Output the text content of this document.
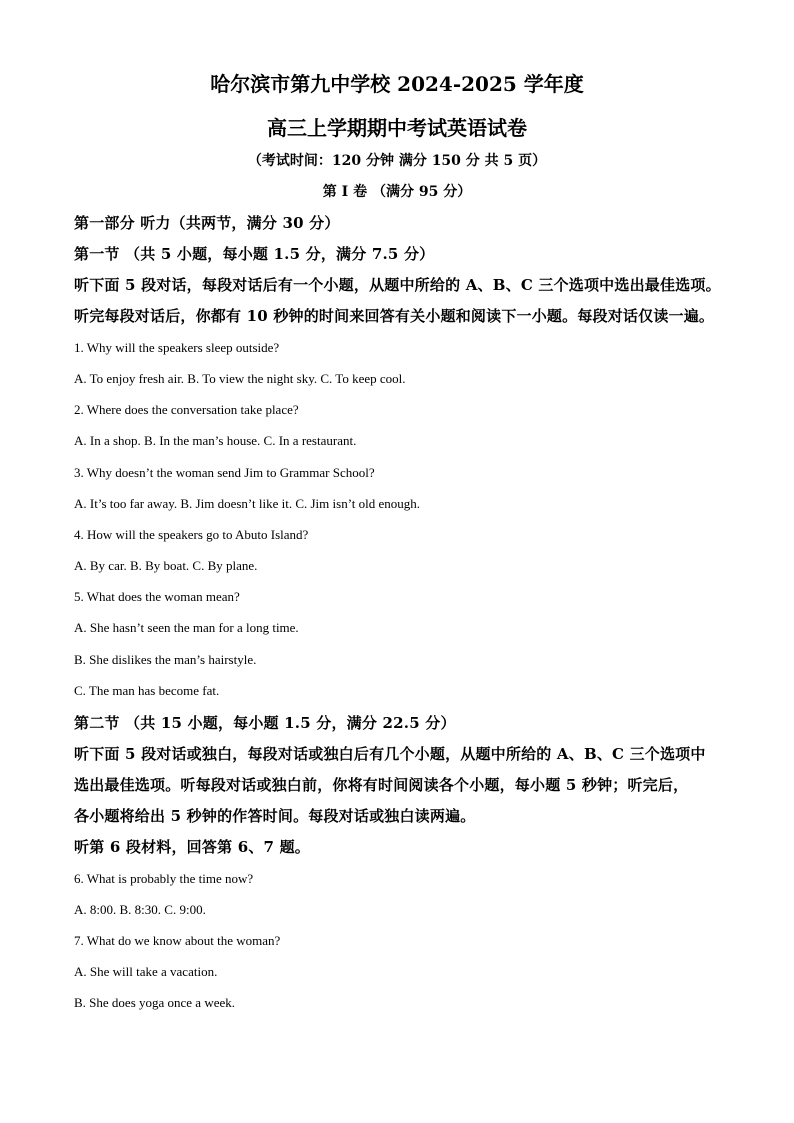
哈尔滨市第九中学校 2024-2025 学年度
高三上学期期中考试英语试卷
（考试时间：120 分钟 满分 150 分 共 5 页）
第 I 卷 （满分 95 分）
第一部分 听力（共两节，满分 30 分）
第一节 （共 5 小题，每小题 1.5 分，满分 7.5 分）
听下面 5 段对话，每段对话后有一个小题，从题中所给的 A、B、C 三个选项中选出最佳选项。
听完每段对话后，你都有 10 秒钟的时间来回答有关小题和阅读下一小题。每段对话仅读一遍。
1. Why will the speakers sleep outside?
A. To enjoy fresh air. B. To view the night sky. C. To keep cool.
2. Where does the conversation take place?
A. In a shop. B. In the man’s house. C. In a restaurant.
3. Why doesn’t the woman send Jim to Grammar School?
A. It’s too far away. B. Jim doesn’t like it. C. Jim isn’t old enough.
4. How will the speakers go to Abuto Island?
A. By car. B. By boat. C. By plane.
5. What does the woman mean?
A. She hasn’t seen the man for a long time.
B. She dislikes the man’s hairstyle.
C. The man has become fat.
第二节 （共 15 小题，每小题 1.5 分，满分 22.5 分）
听下面 5 段对话或独白，每段对话或独白后有几个小题，从题中所给的 A、B、C 三个选项中
选出最佳选项。听每段对话或独白前，你将有时间阅读各个小题，每小题 5 秒钟；听完后，
各小题将给出 5 秒钟的作答时间。每段对话或独白读两遍。
听第 6 段材料，回答第 6、7 题。
6. What is probably the time now?
A. 8:00. B. 8:30. C. 9:00.
7. What do we know about the woman?
A. She will take a vacation.
B. She does yoga once a week.
